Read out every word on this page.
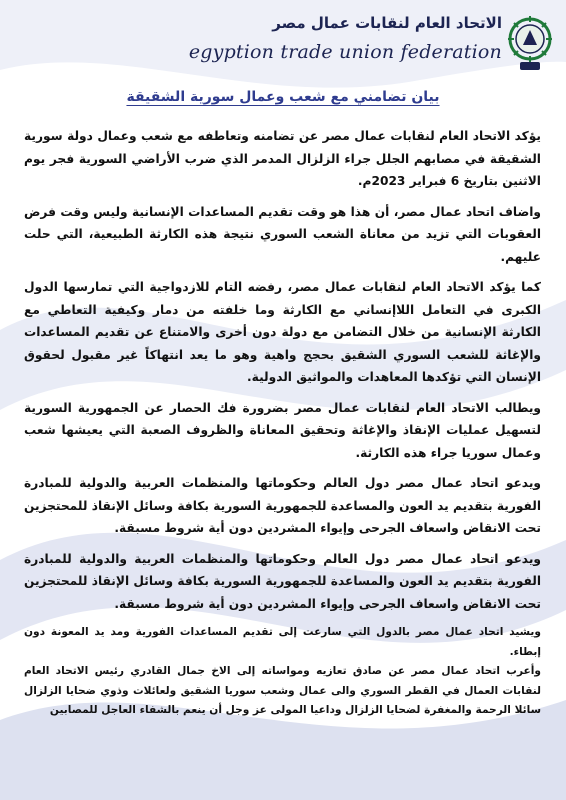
الاتحاد العام لنقابات عمال مصر
egyption trade union federation
بيان تضامني مع شعب وعمال سورية الشقيقة

يؤكد الاتحاد العام لنقابات عمال مصر عن تضامنه وتعاطفه مع شعب وعمال دولة سورية الشقيقة في مصابهم الجلل جراء الزلزال المدمر الذي ضرب الأراضي السورية فجر يوم الاثنين بتاريخ 6 فبراير 2023م.

واضاف اتحاد عمال مصر، أن هذا هو وقت تقديم المساعدات الإنسانية وليس وقت فرض العقوبات التي تزيد من معاناة الشعب السوري نتيجة هذه الكارثة الطبيعية، التي حلت عليهم.

كما يؤكد الاتحاد العام لنقابات عمال مصر، رفضه التام للازدواجية التي تمارسها الدول الكبرى في التعامل اللاإنساني مع الكارثة وما خلفته من دمار وكيفية التعاطي مع الكارثة الإنسانية من خلال التضامن مع دولة دون أخرى والامتناع عن تقديم المساعدات والإغاثة للشعب السوري الشقيق بحجج واهية وهو ما يعد انتهاكاً غير مقبول لحقوق الإنسان التي تؤكدها المعاهدات والمواثيق الدولية.

ويطالب الاتحاد العام لنقابات عمال مصر بضرورة فك الحصار عن الجمهورية السورية لتسهيل عمليات الإنقاذ والإغاثة وتحقيق المعاناة والظروف الصعبة التي يعيشها شعب وعمال سوريا جراء هذه الكارثة.

ويدعو اتحاد عمال مصر دول العالم وحكوماتها والمنظمات العربية والدولية للمبادرة الفورية بتقديم يد العون والمساعدة للجمهورية السورية بكافة وسائل الإنقاذ للمحتجزين تحت الانقاض واسعاف الجرحى وإيواء المشردين دون أية شروط مسبقة.

ويدعو اتحاد عمال مصر دول العالم وحكوماتها والمنظمات العربية والدولية للمبادرة الفورية بتقديم يد العون والمساعدة للجمهورية السورية بكافة وسائل الإنقاذ للمحتجزين تحت الانقاض واسعاف الجرحى وإيواء المشردين دون أية شروط مسبقة.

ويشيد اتحاد عمال مصر بالدول التي سارعت إلى تقديم المساعدات الفورية ومد يد المعونة دون إبطاء.

وأعرب اتحاد عمال مصر عن صادق تعازيه ومواساته إلى الاخ جمال القادري رئيس الاتحاد العام لنقابات العمال في القطر السوري والى عمال وشعب سوريا الشقيق ولعائلات وذوي ضحايا الزلزال سائلا الرحمة والمغفرة لضحايا الزلزال وداعيا المولى عز وجل أن ينعم بالشفاء العاجل للمصابين
